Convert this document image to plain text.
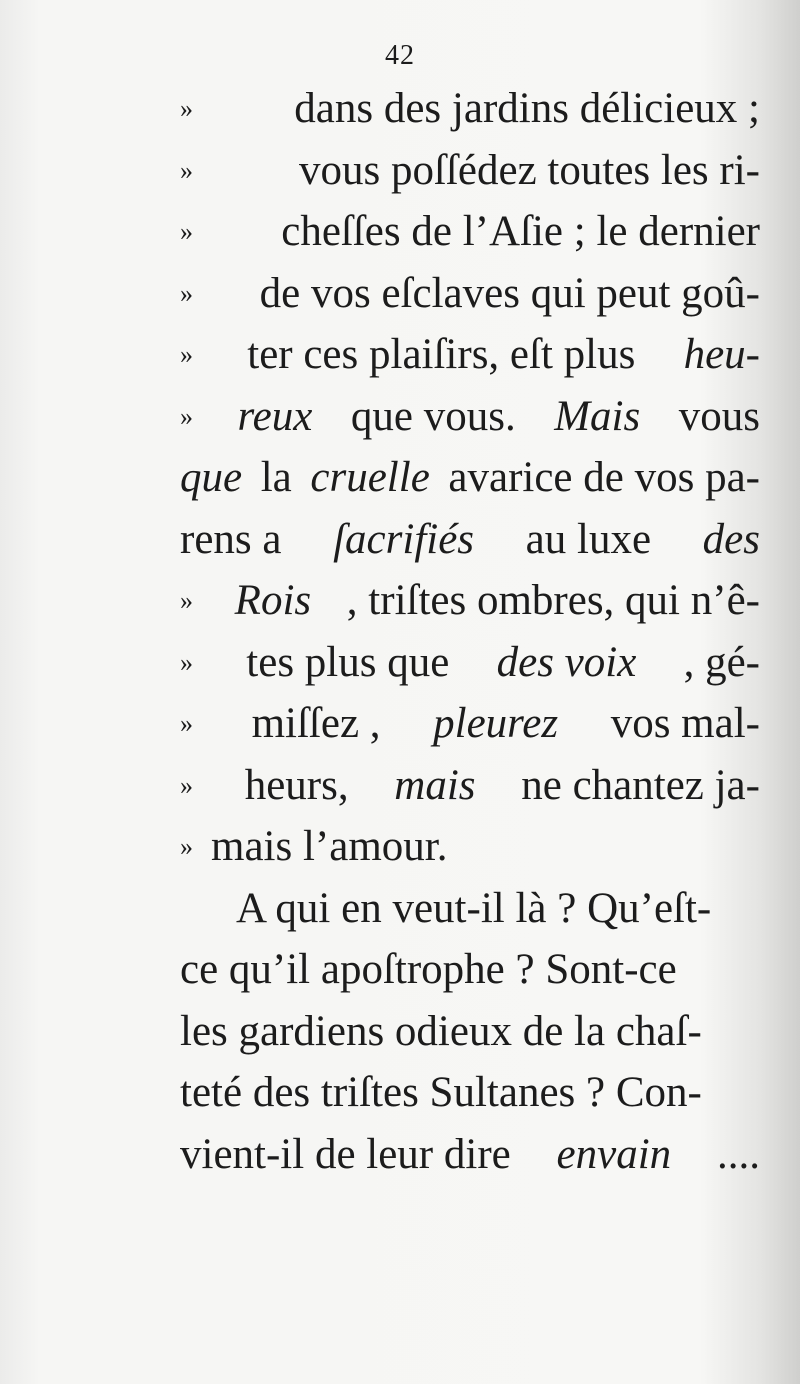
42
» dans des jardins délicieux ;
» vous poſſédez toutes les ri-
» cheſſes de l’Aſie ; le dernier
» de vos eſclaves qui peut goû-
» ter ces plaiſirs, eſt plus heu-
» reux que vous. Mais vous
que la cruelle avarice de vos pa-
rens a ſacrifiés au luxe des
» Rois , triſtes ombres, qui n’ê-
» tes plus que des voix , gé-
» miſſez , pleurez vos mal-
» heurs, mais ne chantez ja-
» mais l’amour.
A qui en veut-il là ? Qu’eſt-
ce qu’il apoſtrophe ? Sont-ce
les gardiens odieux de la chaſ-
teté des triſtes Sultanes ? Con-
vient-il de leur dire envain ....
